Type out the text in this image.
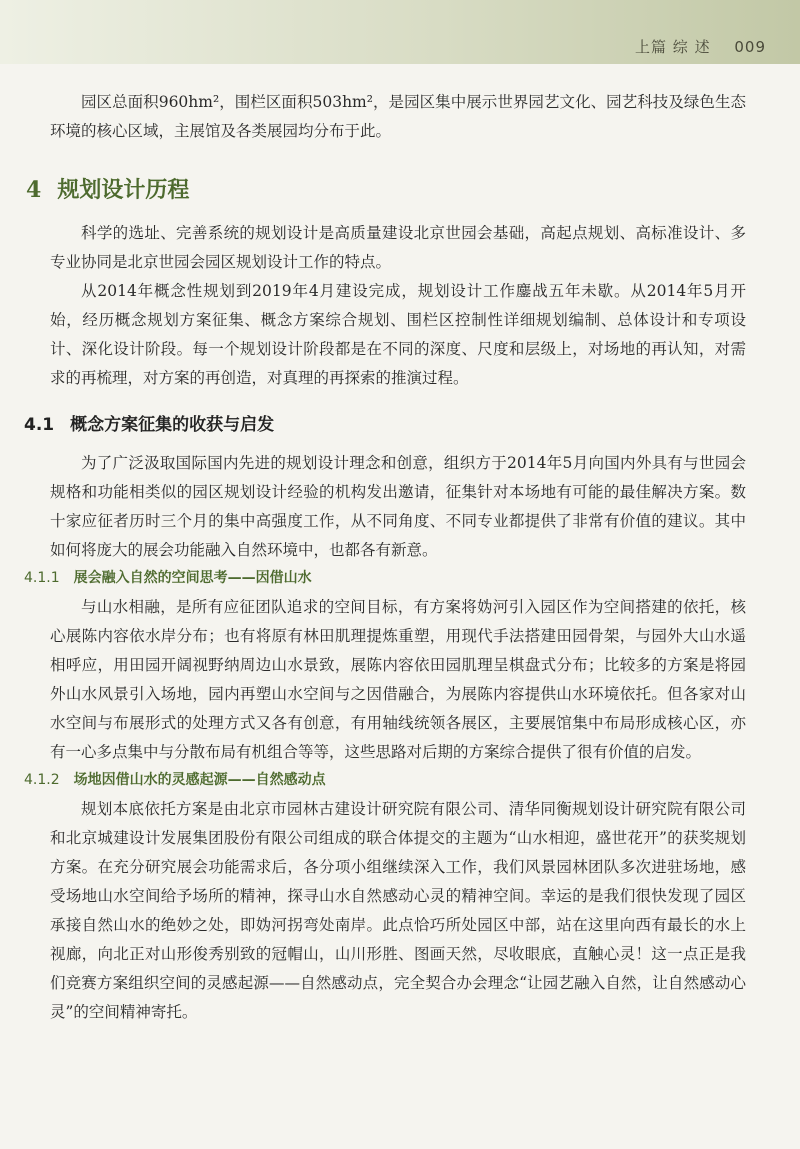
上篇 综 述 009

园区总面积960hm²，围栏区面积503hm²，是园区集中展示世界园艺文化、园艺科技及绿色生态环境的核心区域，主展馆及各类展园均分布于此。

4 规划设计历程

科学的选址、完善系统的规划设计是高质量建设北京世园会基础，高起点规划、高标准设计、多专业协同是北京世园会园区规划设计工作的特点。

从2014年概念性规划到2019年4月建设完成，规划设计工作鏖战五年未歇。从2014年5月开始，经历概念规划方案征集、概念方案综合规划、围栏区控制性详细规划编制、总体设计和专项设计、深化设计阶段。每一个规划设计阶段都是在不同的深度、尺度和层级上，对场地的再认知，对需求的再梳理，对方案的再创造，对真理的再探索的推演过程。

4.1 概念方案征集的收获与启发

为了广泛汲取国际国内先进的规划设计理念和创意，组织方于2014年5月向国内外具有与世园会规格和功能相类似的园区规划设计经验的机构发出邀请，征集针对本场地有可能的最佳解决方案。数十家应征者历时三个月的集中高强度工作，从不同角度、不同专业都提供了非常有价值的建议。其中如何将庞大的展会功能融入自然环境中，也都各有新意。

4.1.1 展会融入自然的空间思考——因借山水

与山水相融，是所有应征团队追求的空间目标，有方案将妫河引入园区作为空间搭建的依托，核心展陈内容依水岸分布；也有将原有林田肌理提炼重塑，用现代手法搭建田园骨架，与园外大山水遥相呼应，用田园开阔视野纳周边山水景致，展陈内容依田园肌理呈棋盘式分布；比较多的方案是将园外山水风景引入场地，园内再塑山水空间与之因借融合，为展陈内容提供山水环境依托。但各家对山水空间与布展形式的处理方式又各有创意，有用轴线统领各展区，主要展馆集中布局形成核心区，亦有一心多点集中与分散布局有机组合等等，这些思路对后期的方案综合提供了很有价值的启发。

4.1.2 场地因借山水的灵感起源——自然感动点

规划本底依托方案是由北京市园林古建设计研究院有限公司、清华同衡规划设计研究院有限公司和北京城建设计发展集团股份有限公司组成的联合体提交的主题为“山水相迎，盛世花开”的获奖规划方案。在充分研究展会功能需求后，各分项小组继续深入工作，我们风景园林团队多次进驻场地，感受场地山水空间给予场所的精神，探寻山水自然感动心灵的精神空间。幸运的是我们很快发现了园区承接自然山水的绝妙之处，即妫河拐弯处南岸。此点恰巧所处园区中部，站在这里向西有最长的水上视廊，向北正对山形俊秀别致的冠帽山，山川形胜、图画天然，尽收眼底，直触心灵！这一点正是我们竞赛方案组织空间的灵感起源——自然感动点，完全契合办会理念“让园艺融入自然，让自然感动心灵”的空间精神寄托。
